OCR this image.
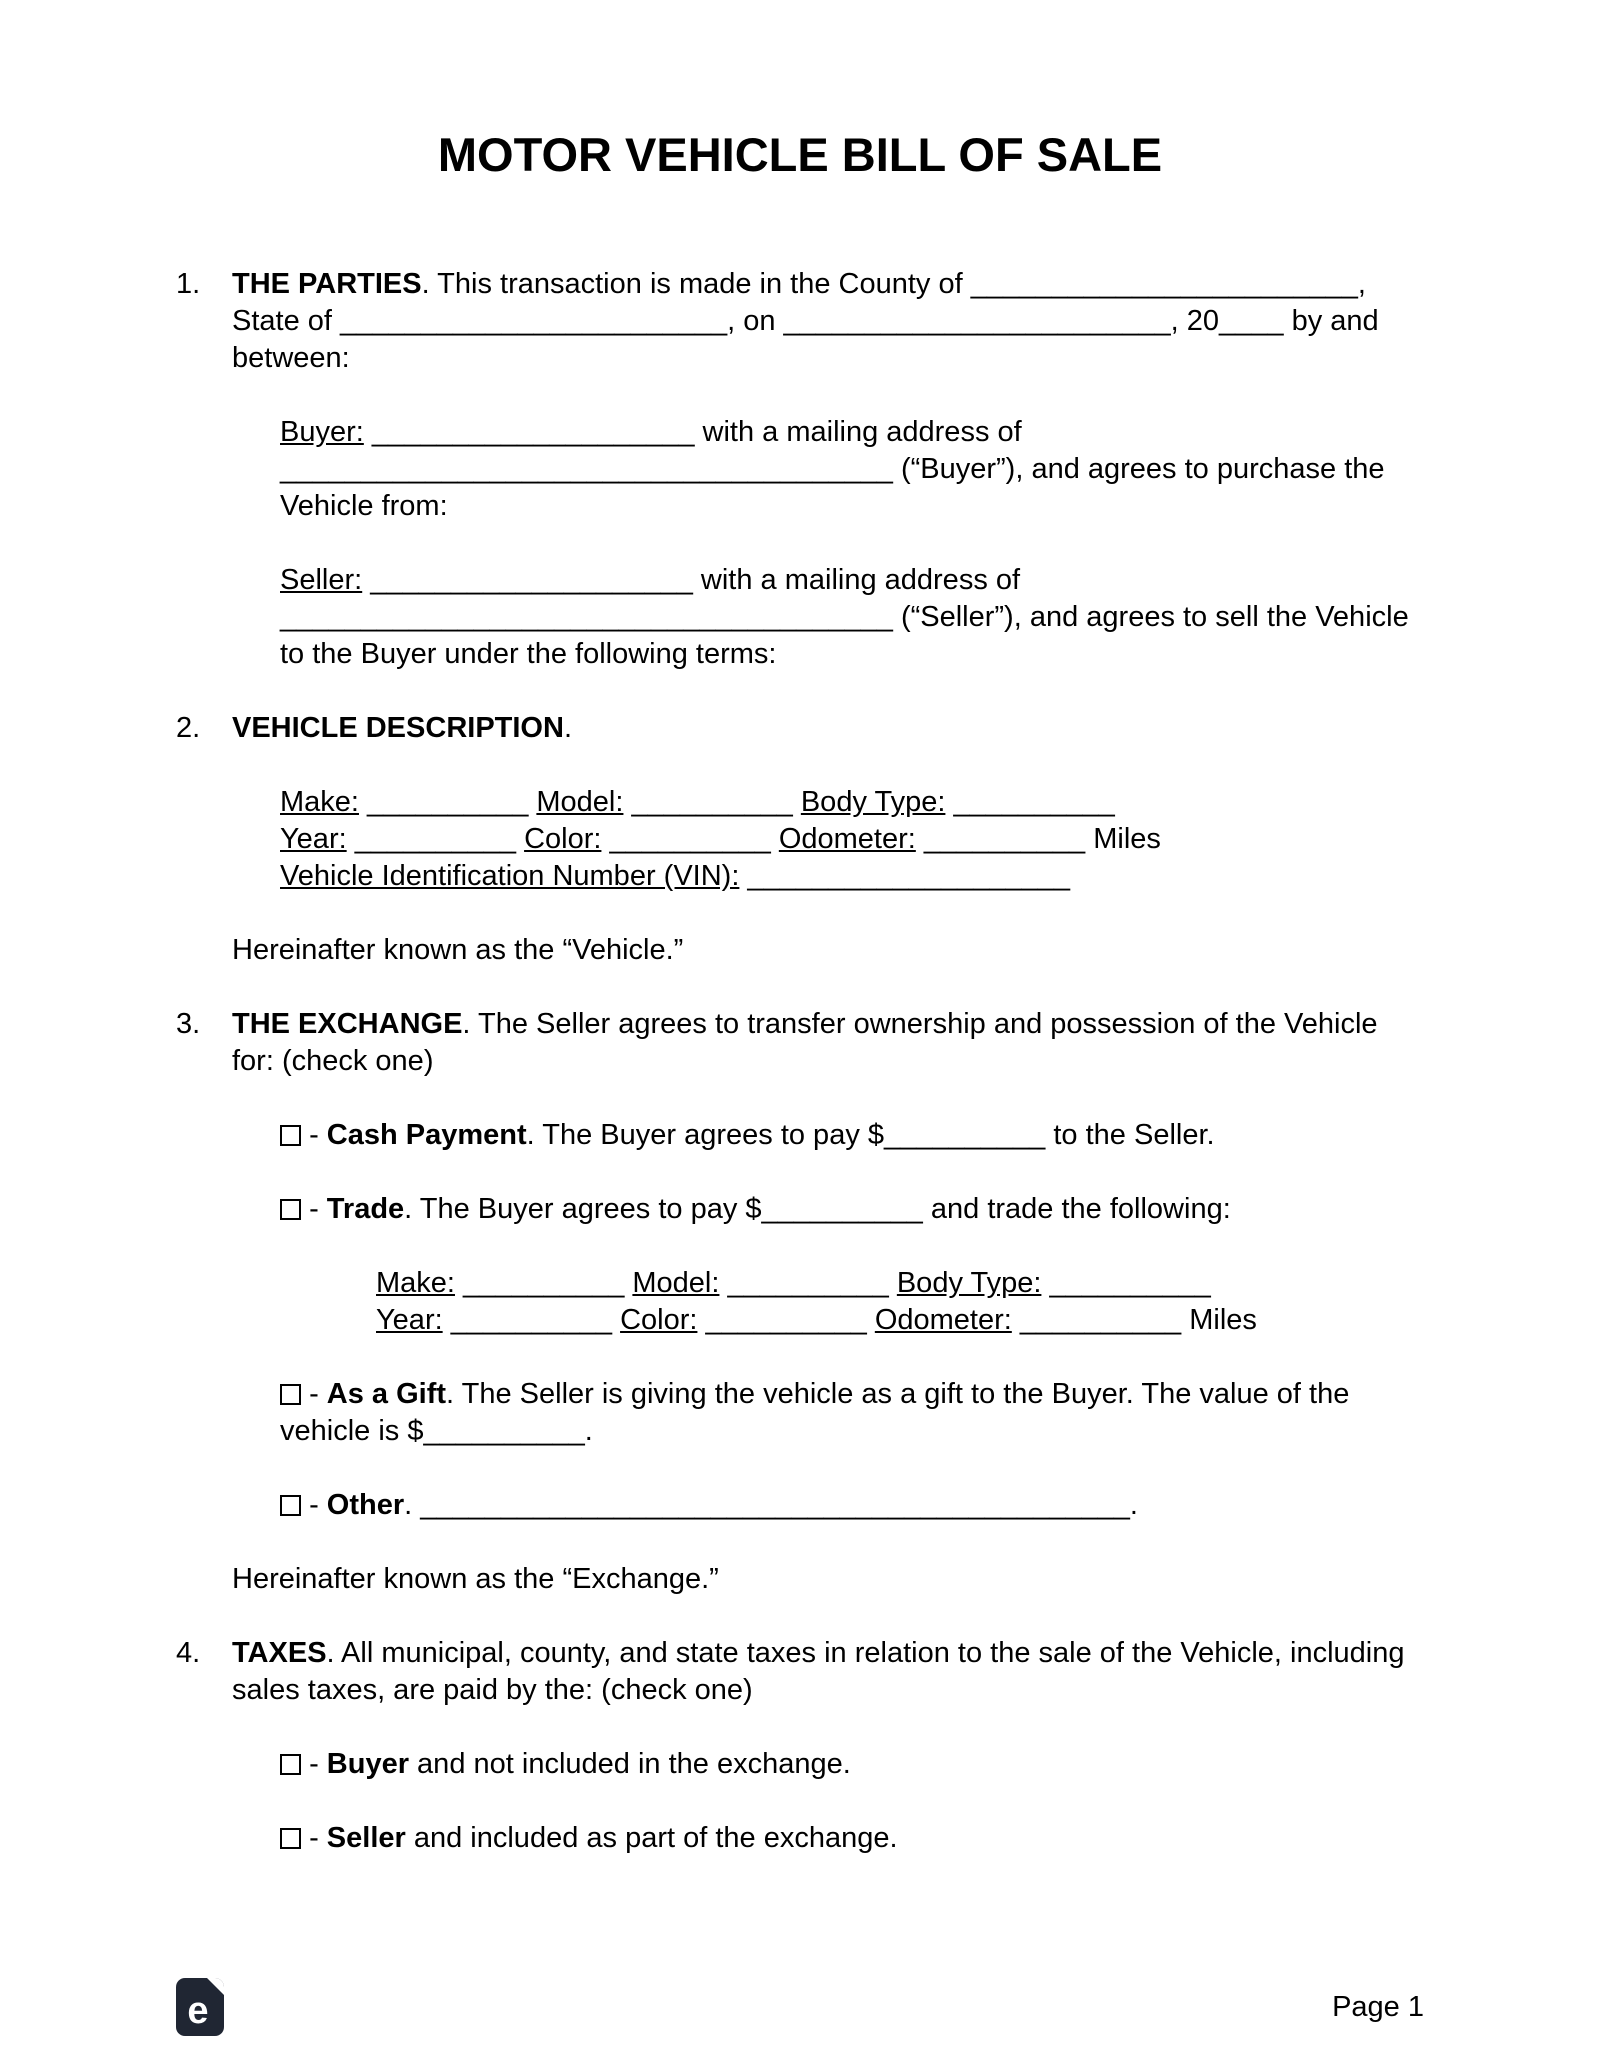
MOTOR VEHICLE BILL OF SALE
1.	THE PARTIES. This transaction is made in the County of ________________________, State of ________________________, on ________________________, 20____ by and between:
Buyer: ____________________ with a mailing address of ______________________________________ (“Buyer”), and agrees to purchase the Vehicle from:
Seller: ____________________ with a mailing address of ______________________________________ (“Seller”), and agrees to sell the Vehicle to the Buyer under the following terms:
2.	VEHICLE DESCRIPTION.
Make: __________ Model: __________ Body Type: __________
Year: __________ Color: __________ Odometer: __________ Miles
Vehicle Identification Number (VIN): ____________________
Hereinafter known as the “Vehicle.”
3.	THE EXCHANGE. The Seller agrees to transfer ownership and possession of the Vehicle for: (check one)
- Cash Payment. The Buyer agrees to pay $__________ to the Seller.
- Trade. The Buyer agrees to pay $__________ and trade the following:
Make: __________ Model: __________ Body Type: __________
Year: __________ Color: __________ Odometer: __________ Miles
- As a Gift. The Seller is giving the vehicle as a gift to the Buyer. The value of the vehicle is $__________.
- Other. ____________________________________________.
Hereinafter known as the “Exchange.”
4.	TAXES. All municipal, county, and state taxes in relation to the sale of the Vehicle, including sales taxes, are paid by the: (check one)
- Buyer and not included in the exchange.
- Seller and included as part of the exchange.
e	Page 1
